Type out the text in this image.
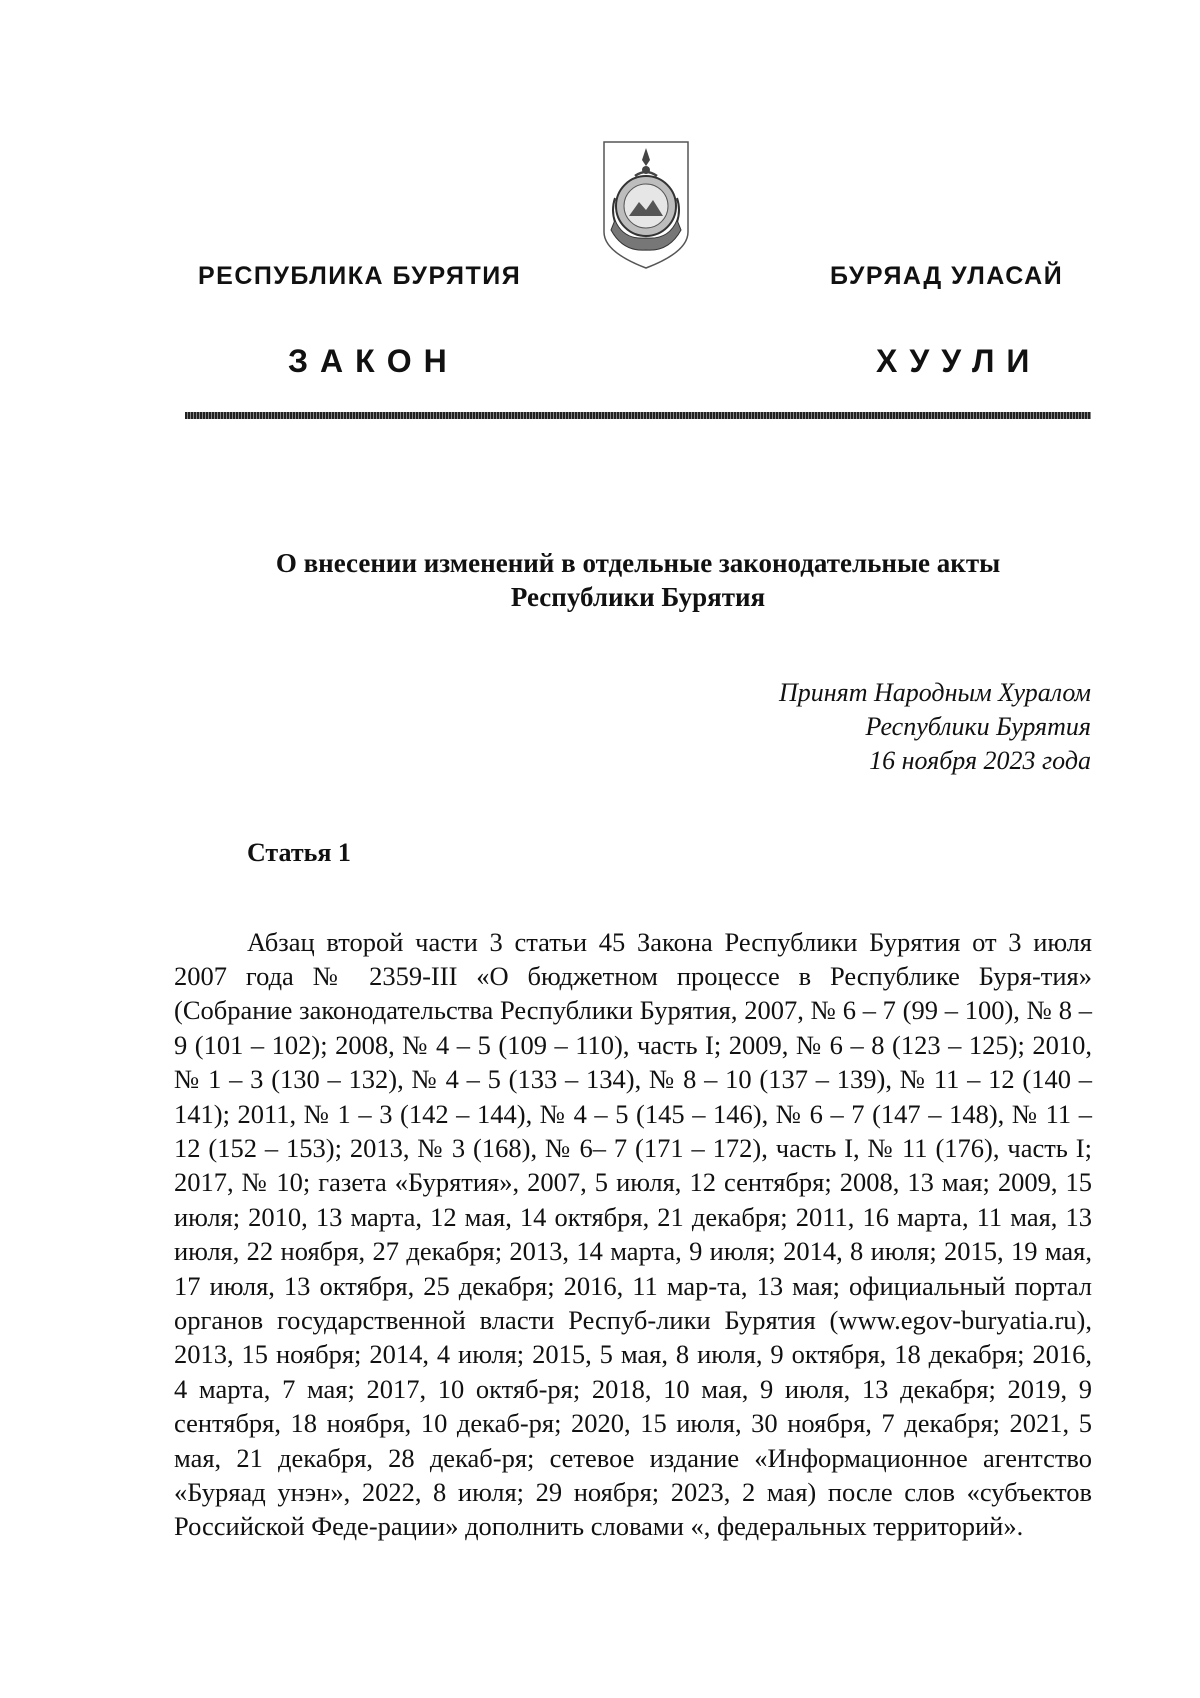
РЕСПУБЛИКА БУРЯТИЯ	БУРЯАД УЛАСАЙ
ЗАКОН	ХУУЛИ
О внесении изменений в отдельные законодательные акты
Республики Бурятия
Принят Народным Хуралом
Республики Бурятия
16 ноября 2023 года
Статья 1

Абзац второй части 3 статьи 45 Закона Республики Бурятия от 3 июля 2007 года № 2359-III «О бюджетном процессе в Республике Буря-тия» (Собрание законодательства Республики Бурятия, 2007, № 6 – 7 (99 – 100), № 8 – 9 (101 – 102); 2008, № 4 – 5 (109 – 110), часть I; 2009, № 6 – 8 (123 – 125); 2010, № 1 – 3 (130 – 132), № 4 – 5 (133 – 134), № 8 – 10 (137 – 139), № 11 – 12 (140 – 141); 2011, № 1 – 3 (142 – 144), № 4 – 5 (145 – 146), № 6 – 7 (147 – 148), № 11 – 12 (152 – 153); 2013, № 3 (168), № 6– 7 (171 – 172), часть I, № 11 (176), часть I; 2017, № 10; газета «Бурятия», 2007, 5 июля, 12 сентября; 2008, 13 мая; 2009, 15 июля; 2010, 13 марта, 12 мая, 14 октября, 21 декабря; 2011, 16 марта, 11 мая, 13 июля, 22 ноября, 27 декабря; 2013, 14 марта, 9 июля; 2014, 8 июля; 2015, 19 мая, 17 июля, 13 октября, 25 декабря; 2016, 11 мар-та, 13 мая; официальный портал органов государственной власти Респуб-лики Бурятия (www.egov-buryatia.ru), 2013, 15 ноября; 2014, 4 июля; 2015, 5 мая, 8 июля, 9 октября, 18 декабря; 2016, 4 марта, 7 мая; 2017, 10 октяб-ря; 2018, 10 мая, 9 июля, 13 декабря; 2019, 9 сентября, 18 ноября, 10 декаб-ря; 2020, 15 июля, 30 ноября, 7 декабря; 2021, 5 мая, 21 декабря, 28 декаб-ря; сетевое издание «Информационное агентство «Буряад унэн», 2022, 8 июля; 29 ноября; 2023, 2 мая) после слов «субъектов Российской Феде-рации» дополнить словами «, федеральных территорий».
